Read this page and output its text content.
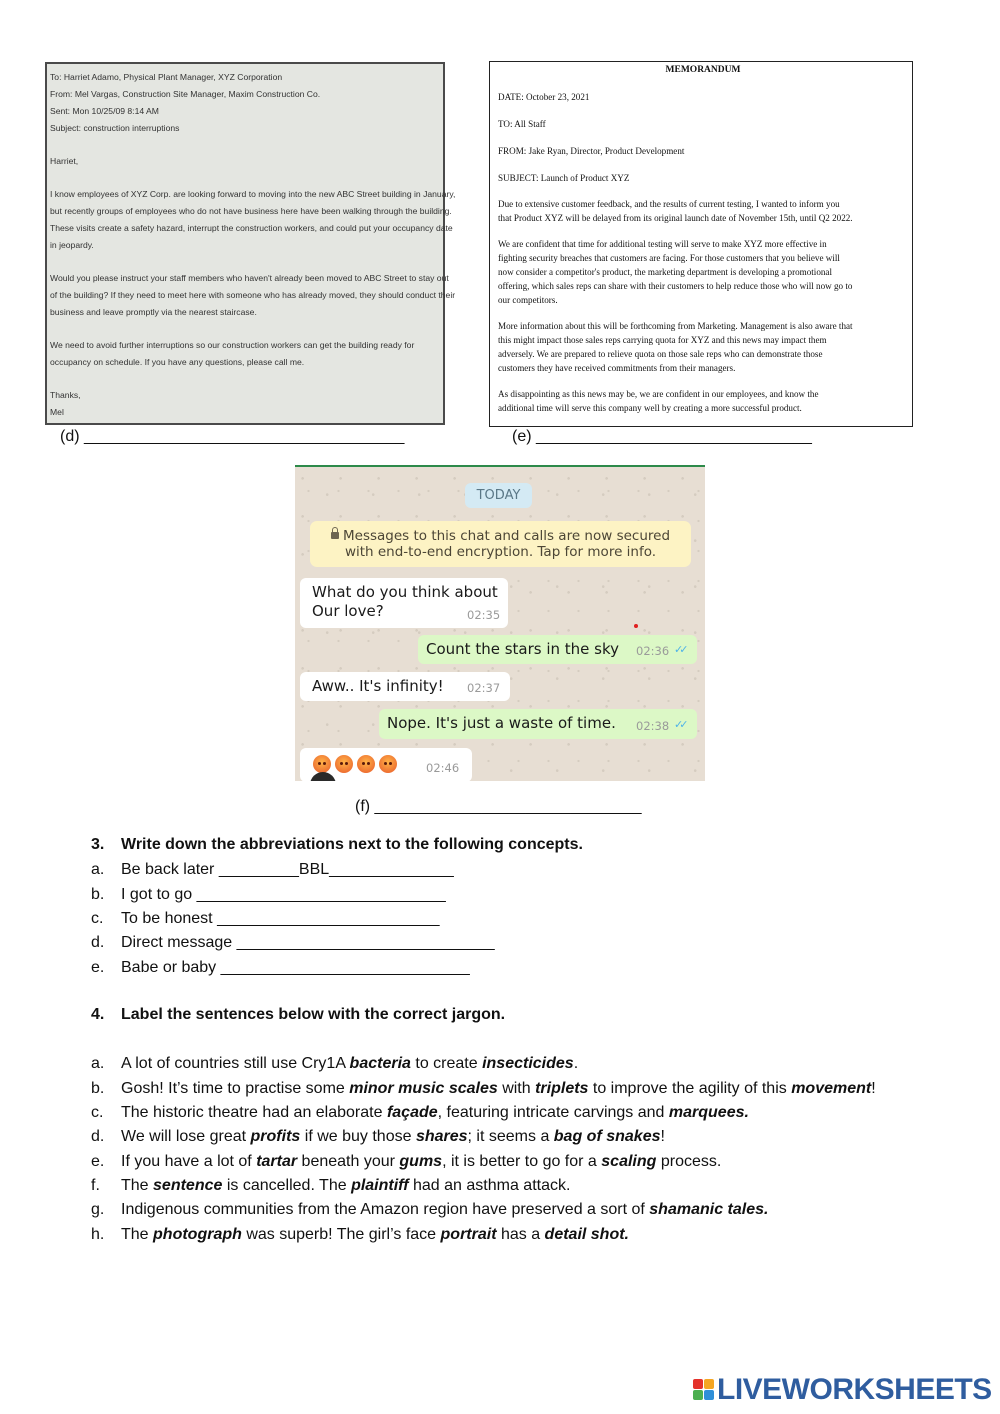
To: Harriet Adamo, Physical Plant Manager, XYZ Corporation
From: Mel Vargas, Construction Site Manager, Maxim Construction Co.
Sent: Mon 10/25/09 8:14 AM
Subject: construction interruptions
Harriet,
I know employees of XYZ Corp. are looking forward to moving into the new ABC Street building in January,
but recently groups of employees who do not have business here have been walking through the building.
These visits create a safety hazard, interrupt the construction workers, and could put your occupancy date
in jeopardy.
Would you please instruct your staff members who haven't already been moved to ABC Street to stay out
of the building? If they need to meet here with someone who has already moved, they should conduct their
business and leave promptly via the nearest staircase.
We need to avoid further interruptions so our construction workers can get the building ready for
occupancy on schedule. If you have any questions, please call me.
Thanks,
Mel
MEMORANDUM
DATE: October 23, 2021
TO: All Staff
FROM: Jake Ryan, Director, Product Development
SUBJECT: Launch of Product XYZ
Due to extensive customer feedback, and the results of current testing, I wanted to inform you
that Product XYZ will be delayed from its original launch date of November 15th, until Q2 2022.
We are confident that time for additional testing will serve to make XYZ more effective in
fighting security breaches that customers are facing. For those customers that you believe will
now consider a competitor's product, the marketing department is developing a promotional
offering, which sales reps can share with their customers to help reduce those who will now go to
our competitors.
More information about this will be forthcoming from Marketing. Management is also aware that
this might impact those sales reps carrying quota for XYZ and this news may impact them
adversely. We are prepared to relieve quota on those sale reps who can demonstrate those
customers they have received commitments from their managers.
As disappointing as this news may be, we are confident in our employees, and know the
additional time will serve this company well by creating a more successful product.
(d) ____________________________________	(e) _______________________________
TODAY
Messages to this chat and calls are now secured
with end-to-end encryption. Tap for more info.
What do you think about
Our love?	02:35
Count the stars in the sky 02:36 ✓✓
Aww.. It's infinity! 02:37
Nope. It's just a waste of time. 02:38 ✓✓
02:46
(f) ______________________________
3. Write down the abbreviations next to the following concepts.
a. Be back later _________BBL______________
b. I got to go ____________________________
c. To be honest _________________________
d. Direct message _____________________________
e. Babe or baby ____________________________
4. Label the sentences below with the correct jargon.
a. A lot of countries still use Cry1A bacteria to create insecticides.
b. Gosh! It’s time to practise some minor music scales with triplets to improve the agility of this movement!
c. The historic theatre had an elaborate façade, featuring intricate carvings and marquees.
d. We will lose great profits if we buy those shares; it seems a bag of snakes!
e. If you have a lot of tartar beneath your gums, it is better to go for a scaling process.
f. The sentence is cancelled. The plaintiff had an asthma attack.
g. Indigenous communities from the Amazon region have preserved a sort of shamanic tales.
h. The photograph was superb! The girl’s face portrait has a detail shot.
LIVEWORKSHEETS
